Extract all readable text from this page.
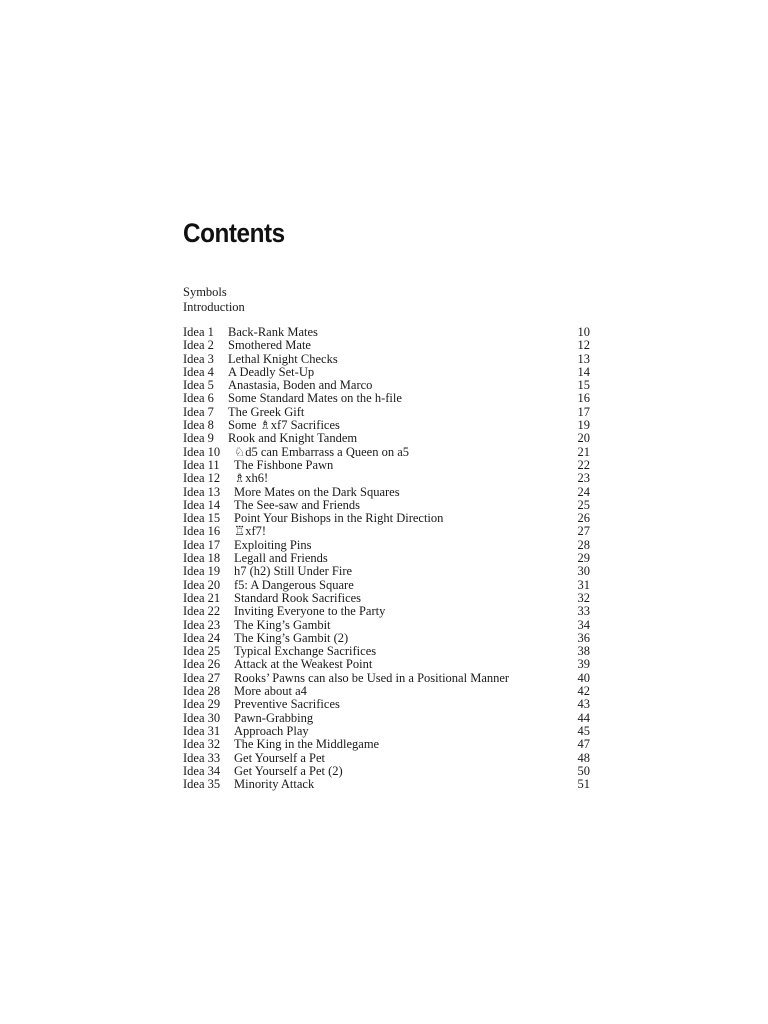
Contents
Symbols
Introduction
Idea 1 Back-Rank Mates	10
Idea 2 Smothered Mate	12
Idea 3 Lethal Knight Checks	13
Idea 4 A Deadly Set-Up	14
Idea 5 Anastasia, Boden and Marco	15
Idea 6 Some Standard Mates on the h-file	16
Idea 7 The Greek Gift	17
Idea 8 Some ♗xf7 Sacrifices	19
Idea 9 Rook and Knight Tandem	20
Idea 10 ♘d5 can Embarrass a Queen on a5	21
Idea 11 The Fishbone Pawn	22
Idea 12 ♗xh6!	23
Idea 13 More Mates on the Dark Squares	24
Idea 14 The See-saw and Friends	25
Idea 15 Point Your Bishops in the Right Direction	26
Idea 16 ♖xf7!	27
Idea 17 Exploiting Pins	28
Idea 18 Legall and Friends	29
Idea 19 h7 (h2) Still Under Fire	30
Idea 20 f5: A Dangerous Square	31
Idea 21 Standard Rook Sacrifices	32
Idea 22 Inviting Everyone to the Party	33
Idea 23 The King’s Gambit	34
Idea 24 The King’s Gambit (2)	36
Idea 25 Typical Exchange Sacrifices	38
Idea 26 Attack at the Weakest Point	39
Idea 27 Rooks’ Pawns can also be Used in a Positional Manner	40
Idea 28 More about a4	42
Idea 29 Preventive Sacrifices	43
Idea 30 Pawn-Grabbing	44
Idea 31 Approach Play	45
Idea 32 The King in the Middlegame	47
Idea 33 Get Yourself a Pet	48
Idea 34 Get Yourself a Pet (2)	50
Idea 35 Minority Attack	51
